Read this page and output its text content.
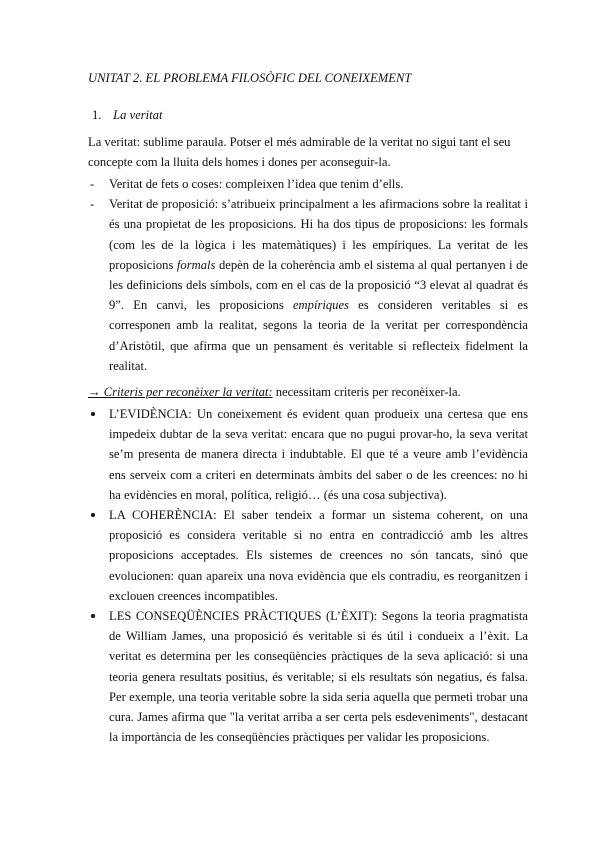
UNITAT 2. EL PROBLEMA FILOSÒFIC DEL CONEIXEMENT
1. La veritat
La veritat: sublime paraula. Potser el més admirable de la veritat no sigui tant el seu concepte com la lluita dels homes i dones per aconseguir-la.
- Veritat de fets o coses: compleixen l’idea que tenim d’ells.
- Veritat de proposició: s’atribueix principalment a les afirmacions sobre la realitat i és una propietat de les proposicions. Hi ha dos tipus de proposicions: les formals (com les de la lògica i les matemàtiques) i les empíriques. La veritat de les proposicions formals depèn de la coherència amb el sistema al qual pertanyen i de les definicions dels símbols, com en el cas de la proposició “3 elevat al quadrat és 9”. En canvi, les proposicions empíriques es consideren veritables si es corresponen amb la realitat, segons la teoria de la veritat per correspondència d’Aristòtil, que afirma que un pensament és veritable si reflecteix fidelment la realitat.
→ Criteris per reconèixer la veritat: necessitam criteris per reconèixer-la.
L’EVIDÈNCIA: Un coneixement és evident quan produeix una certesa que ens impedeix dubtar de la seva veritat: encara que no pugui provar-ho, la seva veritat se’m presenta de manera directa i indubtable. El que té a veure amb l’evidència ens serveix com a criteri en determinats àmbits del saber o de les creences: no hi ha evidències en moral, política, religió… (és una cosa subjectiva).
LA COHERÈNCIA: El saber tendeix a formar un sistema coherent, on una proposició es considera veritable si no entra en contradicció amb les altres proposicions acceptades. Els sistemes de creences no són tancats, sinó que evolucionen: quan apareix una nova evidència que els contradiu, es reorganitzen i exclouen creences incompatibles.
LES CONSEQÜÈNCIES PRÀCTIQUES (L’ÈXIT): Segons la teoria pragmatista de William James, una proposició és veritable si és útil i condueix a l’èxit. La veritat es determina per les conseqüències pràctiques de la seva aplicació: si una teoria genera resultats positius, és veritable; si els resultats són negatius, és falsa. Per exemple, una teoria veritable sobre la sida seria aquella que permeti trobar una cura. James afirma que "la veritat arriba a ser certa pels esdeveniments", destacant la importància de les conseqüències pràctiques per validar les proposicions.
